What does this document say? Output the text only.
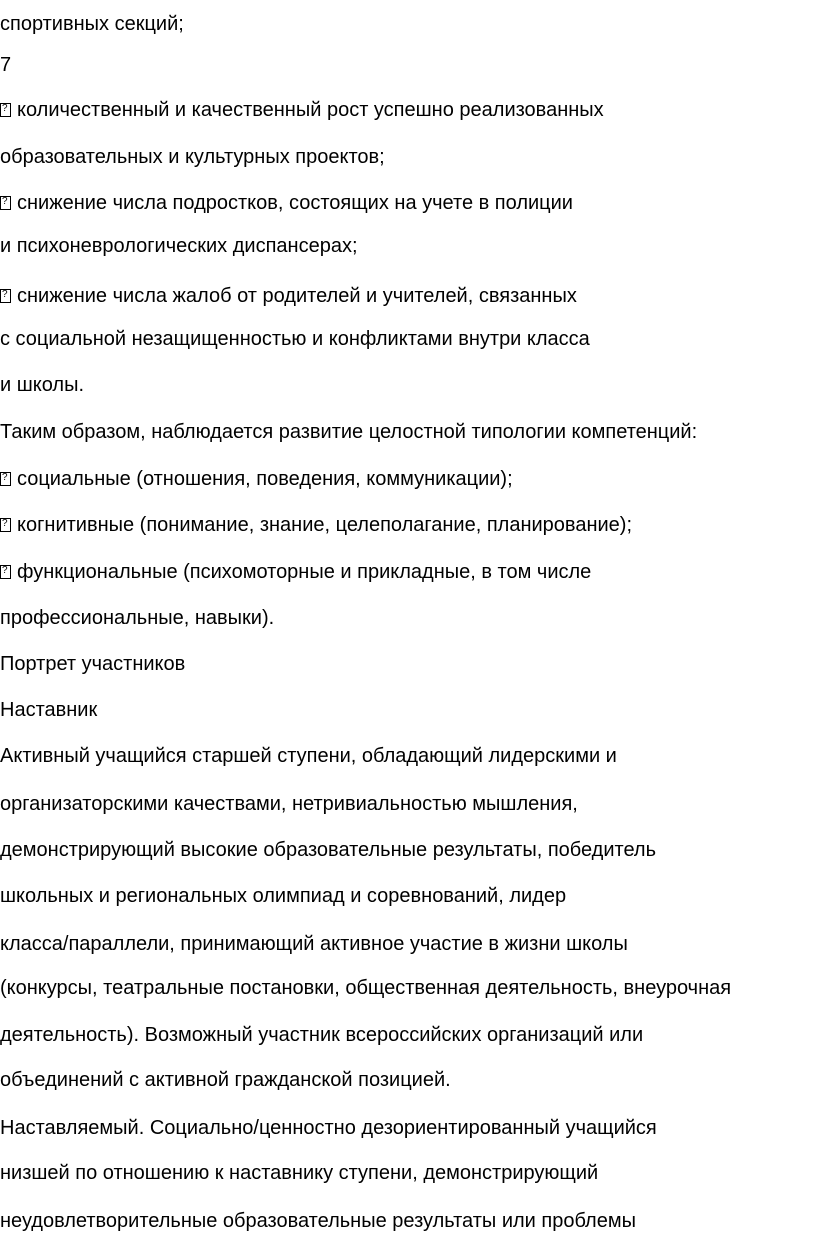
спортивных секций;
7
?количественный и качественный рост успешно реализованных
образовательных и культурных проектов;
?снижение числа подростков, состоящих на учете в полиции
и психоневрологических диспансерах;
?снижение числа жалоб от родителей и учителей, связанных
с социальной незащищенностью и конфликтами внутри класса
и школы.
Таким образом, наблюдается развитие целостной типологии компетенций:
?социальные (отношения, поведения, коммуникации);
?когнитивные (понимание, знание, целеполагание, планирование);
?функциональные (психомоторные и прикладные, в том числе
профессиональные, навыки).
Портрет участников
Наставник
Активный учащийся старшей ступени, обладающий лидерскими и
организаторскими качествами, нетривиальностью мышления,
демонстрирующий высокие образовательные результаты, победитель
школьных и региональных олимпиад и соревнований, лидер
класса/параллели, принимающий активное участие в жизни школы
(конкурсы, театральные постановки, общественная деятельность, внеурочная
деятельность). Возможный участник всероссийских организаций или
объединений с активной гражданской позицией.
Наставляемый. Социально/ценностно дезориентированный учащийся
низшей по отношению к наставнику ступени, демонстрирующий
неудовлетворительные образовательные результаты или проблемы
